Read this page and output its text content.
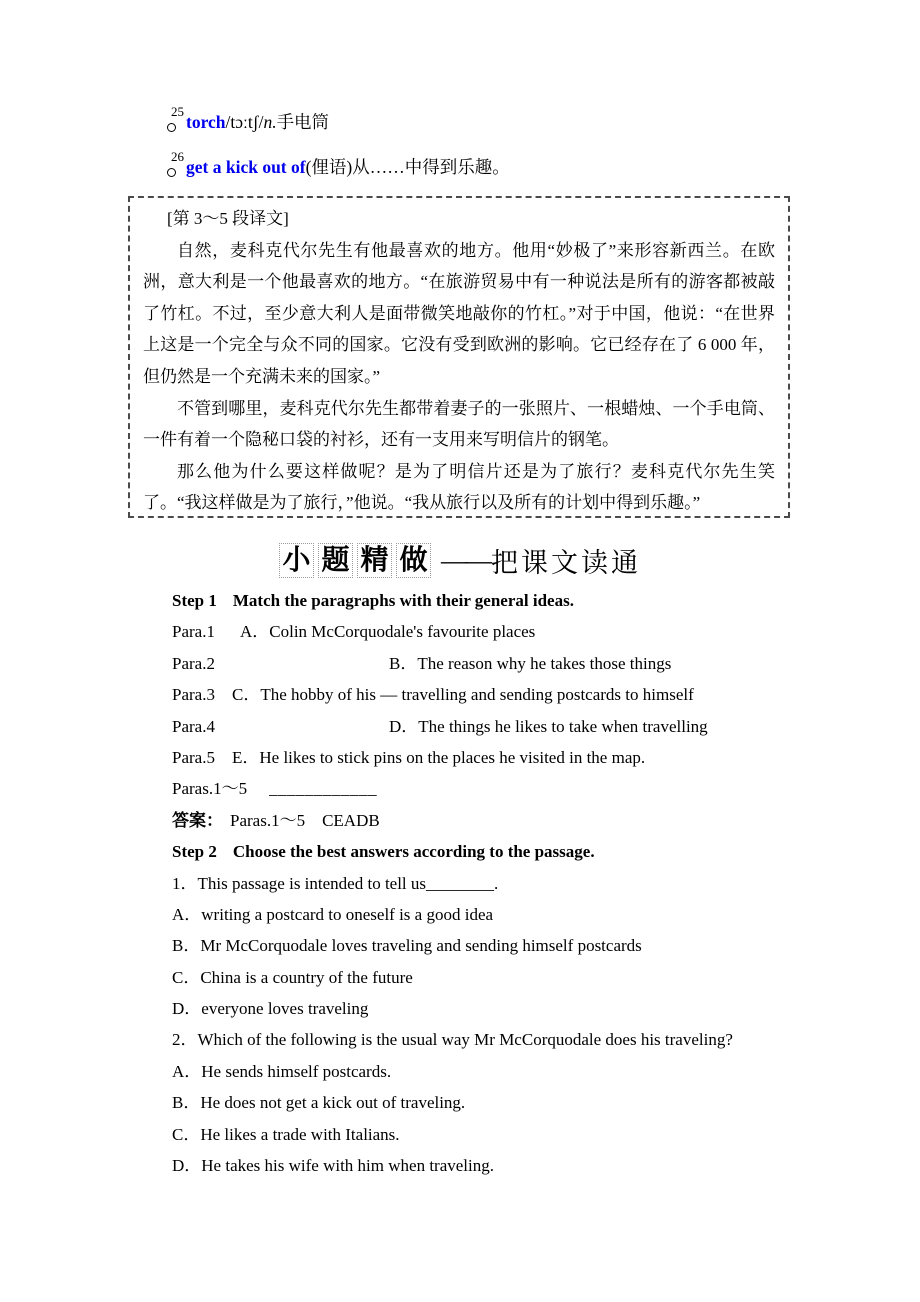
25
torch/tɔːtʃ/n.手电筒
26
get a kick out of(俚语)从……中得到乐趣。
[第 3～5 段译文]

自然，麦科克代尔先生有他最喜欢的地方。他用“妙极了”来形容新西兰。在欧洲，意大利是一个他最喜欢的地方。“在旅游贸易中有一种说法是所有的游客都被敲了竹杠。不过，至少意大利人是面带微笑地敲你的竹杠。”对于中国，他说：“在世界上这是一个完全与众不同的国家。它没有受到欧洲的影响。它已经存在了 6 000 年，但仍然是一个充满未来的国家。”

不管到哪里，麦科克代尔先生都带着妻子的一张照片、一根蜡烛、一个手电筒、一件有着一个隐秘口袋的衬衫，还有一支用来写明信片的钢笔。

那么他为什么要这样做呢？是为了明信片还是为了旅行？麦科克代尔先生笑了。“我这样做是为了旅行，”他说。“我从旅行以及所有的计划中得到乐趣。”

小 题 精 做 —— 把课文读通
Step 1 Match the paragraphs with their general ideas.
Para.1 A．Colin McCorquodale's favourite places
Para.2	B．The reason why he takes those things
Para.3 C．The hobby of his — travelling and sending postcards to himself
Para.4	D．The things he likes to take when travelling
Para.5 E．He likes to stick pins on the places he visited in the map.
Paras.1～5 ____________
答案： Paras.1～5　CEADB
Step 2 Choose the best answers according to the passage.
1．This passage is intended to tell us________.
A．writing a postcard to oneself is a good idea
B．Mr McCorquodale loves traveling and sending himself postcards
C．China is a country of the future
D．everyone loves traveling
2．Which of the following is the usual way Mr McCorquodale does his traveling?
A．He sends himself postcards.
B．He does not get a kick out of traveling.
C．He likes a trade with Italians.
D．He takes his wife with him when traveling.
